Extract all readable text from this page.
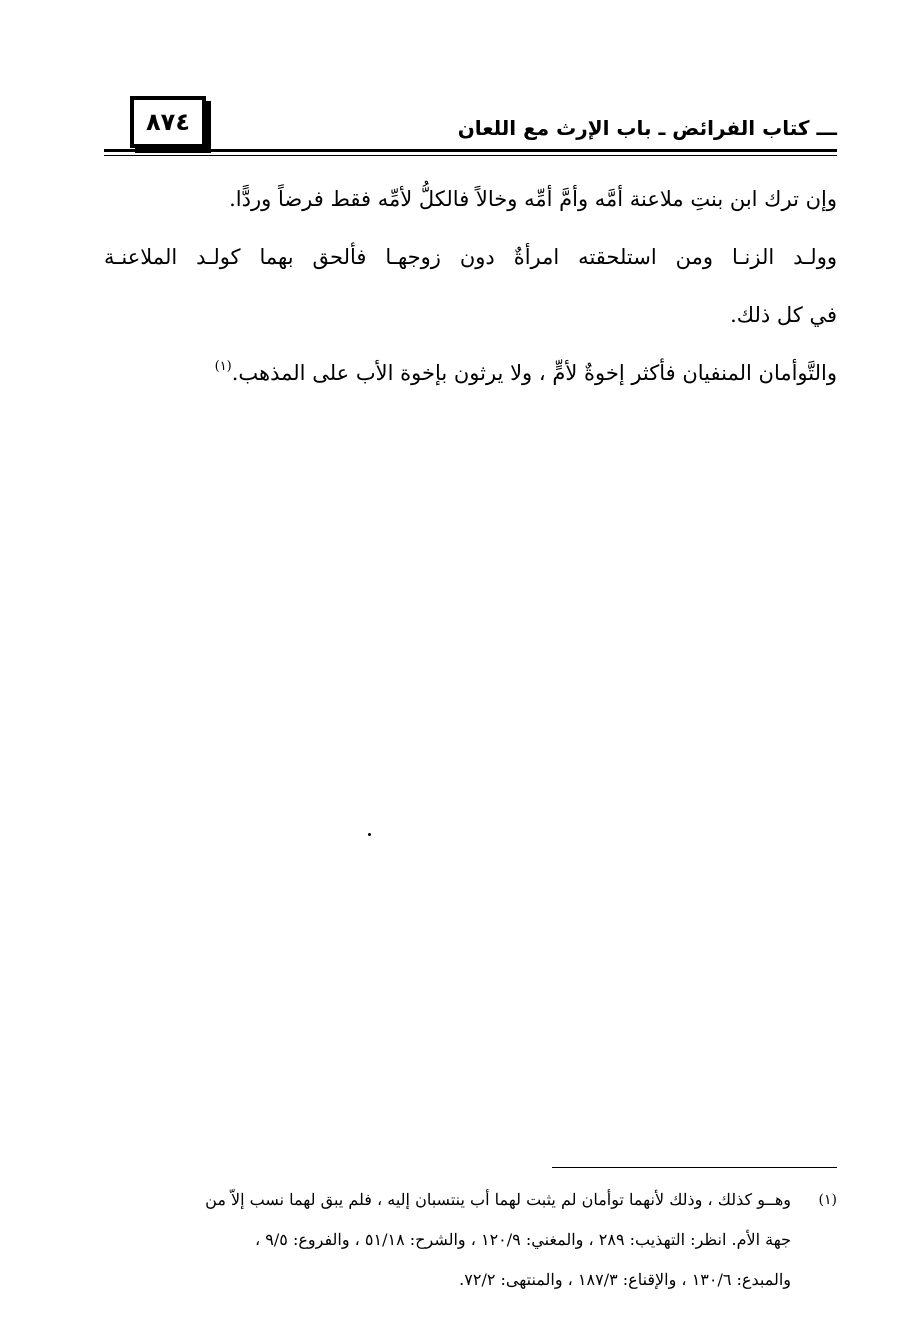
٨٧٤	ـــ كتاب الفرائض ـ باب الإرث مع اللعان

وإن ترك ابن بنتِ ملاعنة أمَّه وأمَّ أمِّه وخالاً فالكلُّ لأمِّه فقط فرضاً وردًّا.

وولـد الزنـا ومن استلحقته امرأةٌ دون زوجهـا فألحق بهما كولـد الملاعنـة
في كل ذلك.

والتَّوأمان المنفيان فأكثر إخوةٌ لأمٍّ ، ولا يرثون بإخوة الأب على المذهب.$^{(١)}$

(١)
وهــو كذلك ، وذلك لأنهما توأمان لم يثبت لهما أب ينتسبان إليه ، فلم يبق لهما نسب إلاّ من
جهة الأم. انظر: التهذيب: ٢٨٩ ، والمغني: ١٢٠/٩ ، والشرح: ٥١/١٨ ، والفروع: ٩/٥ ،
والمبدع: ١٣٠/٦ ، والإقناع: ١٨٧/٣ ، والمنتهى: ٧٢/٢.
